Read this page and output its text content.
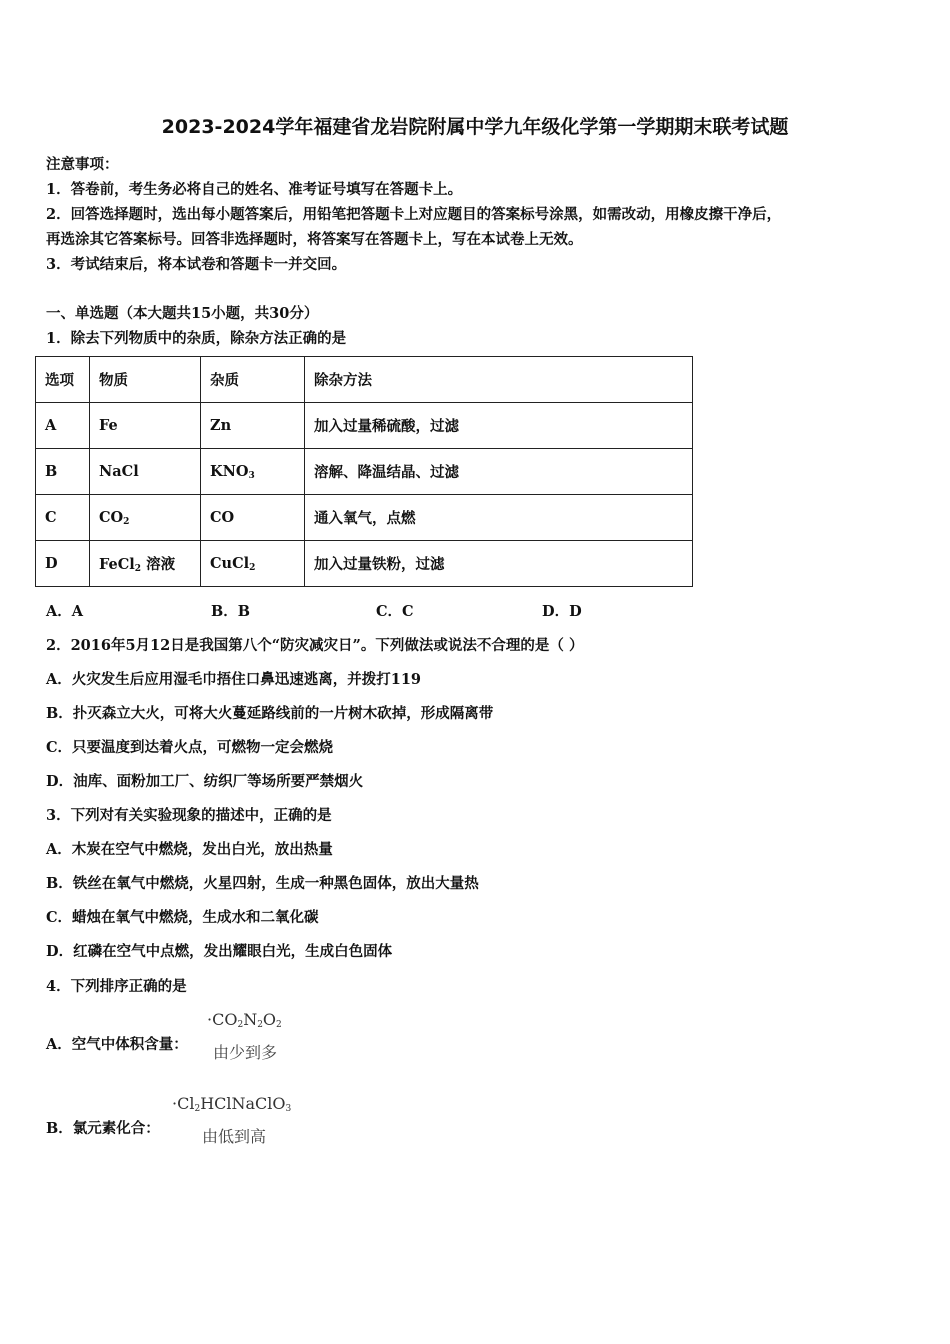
2023-2024学年福建省龙岩院附属中学九年级化学第一学期期末联考试题
注意事项：
1．答卷前，考生务必将自己的姓名、准考证号填写在答题卡上。
2．回答选择题时，选出每小题答案后，用铅笔把答题卡上对应题目的答案标号涂黑，如需改动，用橡皮擦干净后，
再选涂其它答案标号。回答非选择题时，将答案写在答题卡上，写在本试卷上无效。
3．考试结束后，将本试卷和答题卡一并交回。
一、单选题（本大题共15小题，共30分）
1．除去下列物质中的杂质，除杂方法正确的是
选项	物质	杂质	除杂方法
A	Fe	Zn	加入过量稀硫酸，过滤
B	NaCl	$KNO_3$	溶解、降温结晶、过滤
C	$CO_2$	CO	通入氧气，点燃
D	FeCl$_2$ 溶液	CuCl$_2$	加入过量铁粉，过滤
A．A	B．B	C．C	D．D
2．2016年5月12日是我国第八个“防灾减灾日”。下列做法或说法不合理的是（ ）
A．火灾发生后应用湿毛巾捂住口鼻迅速逃离，并拨打119
B．扑灭森立大火，可将大火蔓延路线前的一片树木砍掉，形成隔离带
C．只要温度到达着火点，可燃物一定会燃烧
D．油库、面粉加工厂、纺织厂等场所要严禁烟火
3．下列对有关实验现象的描述中，正确的是
A．木炭在空气中燃烧，发出白光，放出热量
B．铁丝在氧气中燃烧，火星四射，生成一种黑色固体，放出大量热
C．蜡烛在氧气中燃烧，生成水和二氧化碳
D．红磷在空气中点燃，发出耀眼白光，生成白色固体
4．下列排序正确的是
A．空气中体积含量：
$\cdot CO_2N_2O_2$
由少到多
B．氯元素化合：
$\cdot Cl_2HClNaClO_3$
由低到高
